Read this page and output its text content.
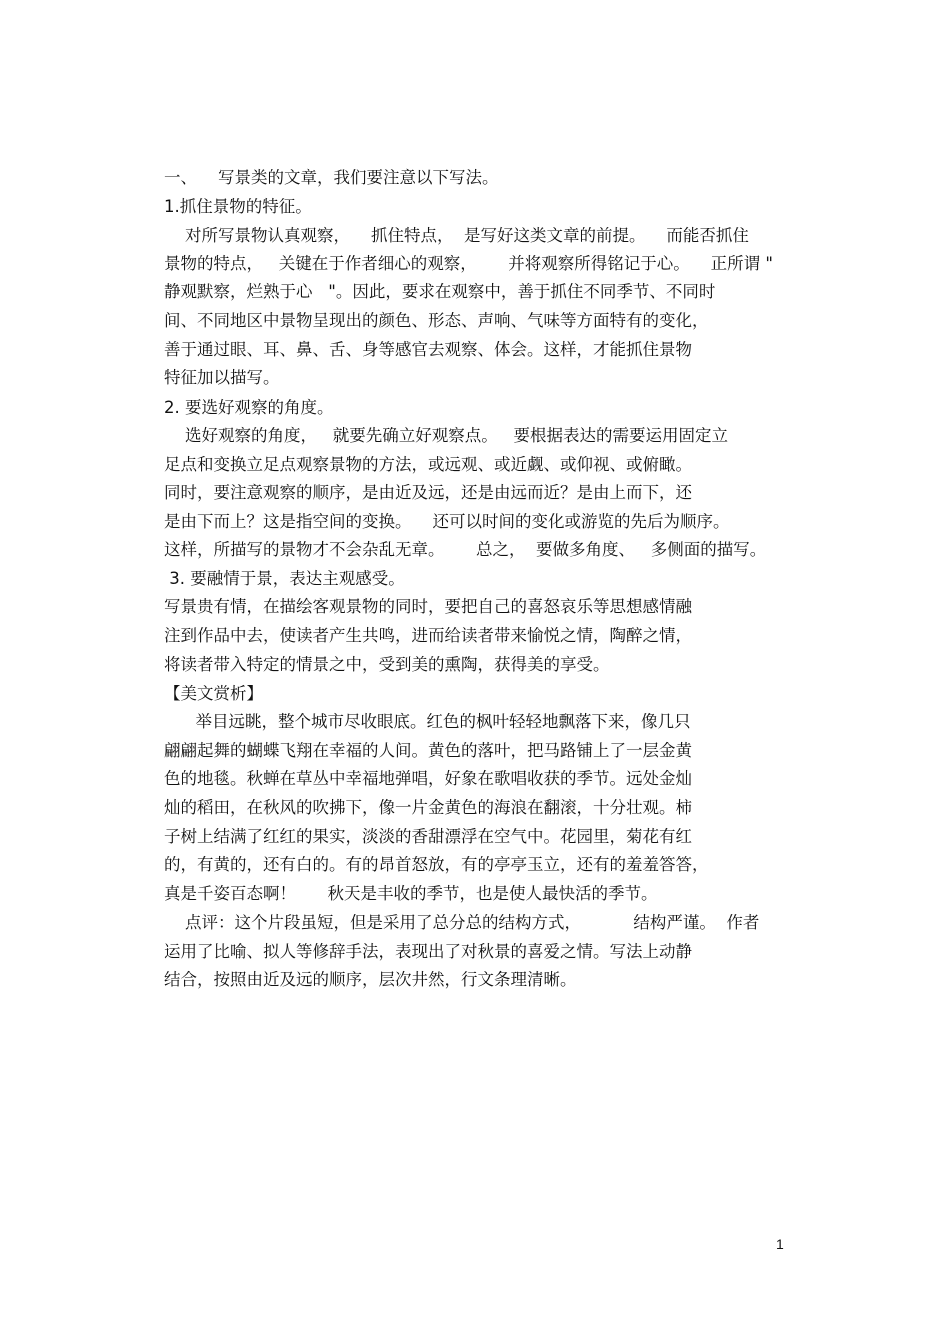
一、    写景类的文章，我们要注意以下写法。
1.抓住景物的特征。
对所写景物认真观察，    抓住特点，  是写好这类文章的前提。    而能否抓住
景物的特点，   关键在于作者细心的观察，      并将观察所得铭记于心。    正所谓 "
静观默察，烂熟于心   "。因此，要求在观察中，善于抓住不同季节、不同时
间、不同地区中景物呈现出的颜色、形态、声响、气味等方面特有的变化，
善于通过眼、耳、鼻、舌、身等感官去观察、体会。这样，才能抓住景物
特征加以描写。
2. 要选好观察的角度。
选好观察的角度，   就要先确立好观察点。   要根据表达的需要运用固定立
足点和变换立足点观察景物的方法，或远观、或近觑、或仰视、或俯瞰。
同时，要注意观察的顺序，是由近及远，还是由远而近？是由上而下，还
是由下而上？这是指空间的变换。    还可以时间的变化或游览的先后为顺序。
这样，所描写的景物才不会杂乱无章。      总之，  要做多角度、   多侧面的描写。
3. 要融情于景，表达主观感受。
写景贵有情，在描绘客观景物的同时，要把自己的喜怒哀乐等思想感情融
注到作品中去，使读者产生共鸣，进而给读者带来愉悦之情，陶醉之情，
将读者带入特定的情景之中，受到美的熏陶，获得美的享受。
【美文赏析】
举目远眺，整个城市尽收眼底。红色的枫叶轻轻地飘落下来，像几只
翩翩起舞的蝴蝶飞翔在幸福的人间。黄色的落叶，把马路铺上了一层金黄
色的地毯。秋蝉在草丛中幸福地弹唱，好象在歌唱收获的季节。远处金灿
灿的稻田，在秋风的吹拂下，像一片金黄色的海浪在翻滚，十分壮观。柿
子树上结满了红红的果实，淡淡的香甜漂浮在空气中。花园里，菊花有红
的，有黄的，还有白的。有的昂首怒放，有的亭亭玉立，还有的羞羞答答，
真是千姿百态啊！      秋天是丰收的季节，也是使人最快活的季节。
点评：这个片段虽短，但是采用了总分总的结构方式，          结构严谨。  作者
运用了比喻、拟人等修辞手法，表现出了对秋景的喜爱之情。写法上动静
结合，按照由近及远的顺序，层次井然，行文条理清晰。
1
